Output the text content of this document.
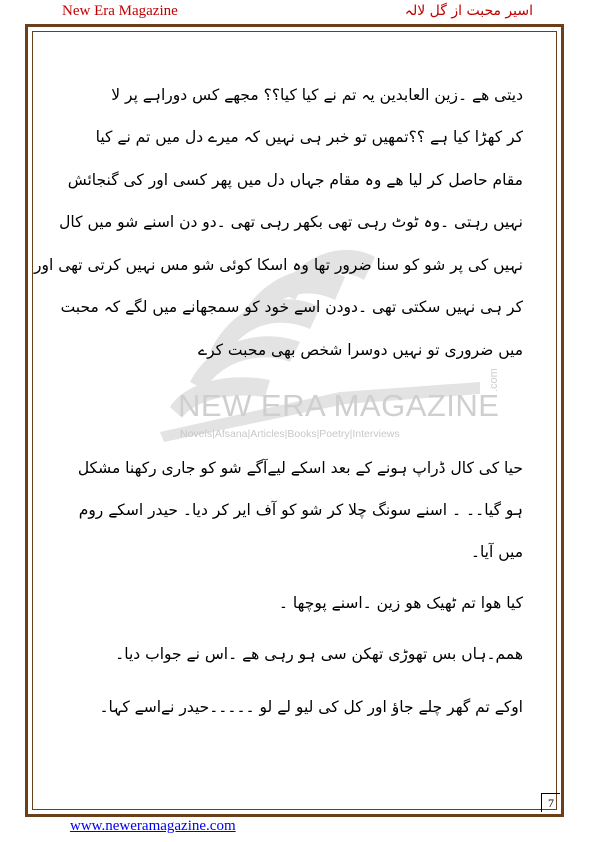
New Era Magazine	اسیر محبت از گل لالہ
NEW ERA MAGAZINE
.com
Novels|Afsana|Articles|Books|Poetry|Interviews
دیتی ھے ۔زین العابدین یہ تم نے کیا کیا؟؟ مجھے کس دوراہے پر لا
کر کھڑا کیا ہے ؟؟تمھیں تو خبر ہی نہیں کہ میرے دل میں تم نے کیا
مقام حاصل کر لیا ھے وہ مقام جہاں دل میں پھر کسی اور کی گنجائش
نہیں رہتی ۔وہ ٹوٹ رہی تھی بکھر رہی تھی ۔دو دن اسنے شو میں کال
نہیں کی پر شو کو سنا ضرور تھا وہ اسکا کوئی شو مس نہیں کرتی تھی اور
کر ہی نہیں سکتی تھی ۔دودن اسے خود کو سمجھانے میں لگے کہ محبت
میں ضروری تو نہیں دوسرا شخص بھی محبت کرے
حیا کی کال ڈراپ ہونے کے بعد اسکے لیےآگے شو کو جاری رکھنا مشکل
ہو گیا۔۔ ۔ اسنے سونگ چلا کر شو کو آف ایر کر دیا۔ حیدر اسکے روم
میں آیا۔
کیا ھوا تم ٹھیک ھو زین ۔اسنے پوچھا ۔
ھمم۔ہاں بس تھوڑی تھکن سی ہو رہی ھے ۔اس نے جواب دیا۔
اوکے تم گھر چلے جاؤ اور کل کی لیو لے لو ۔۔۔۔۔حیدر نےاسے کہا۔
7
www.neweramagazine.com
